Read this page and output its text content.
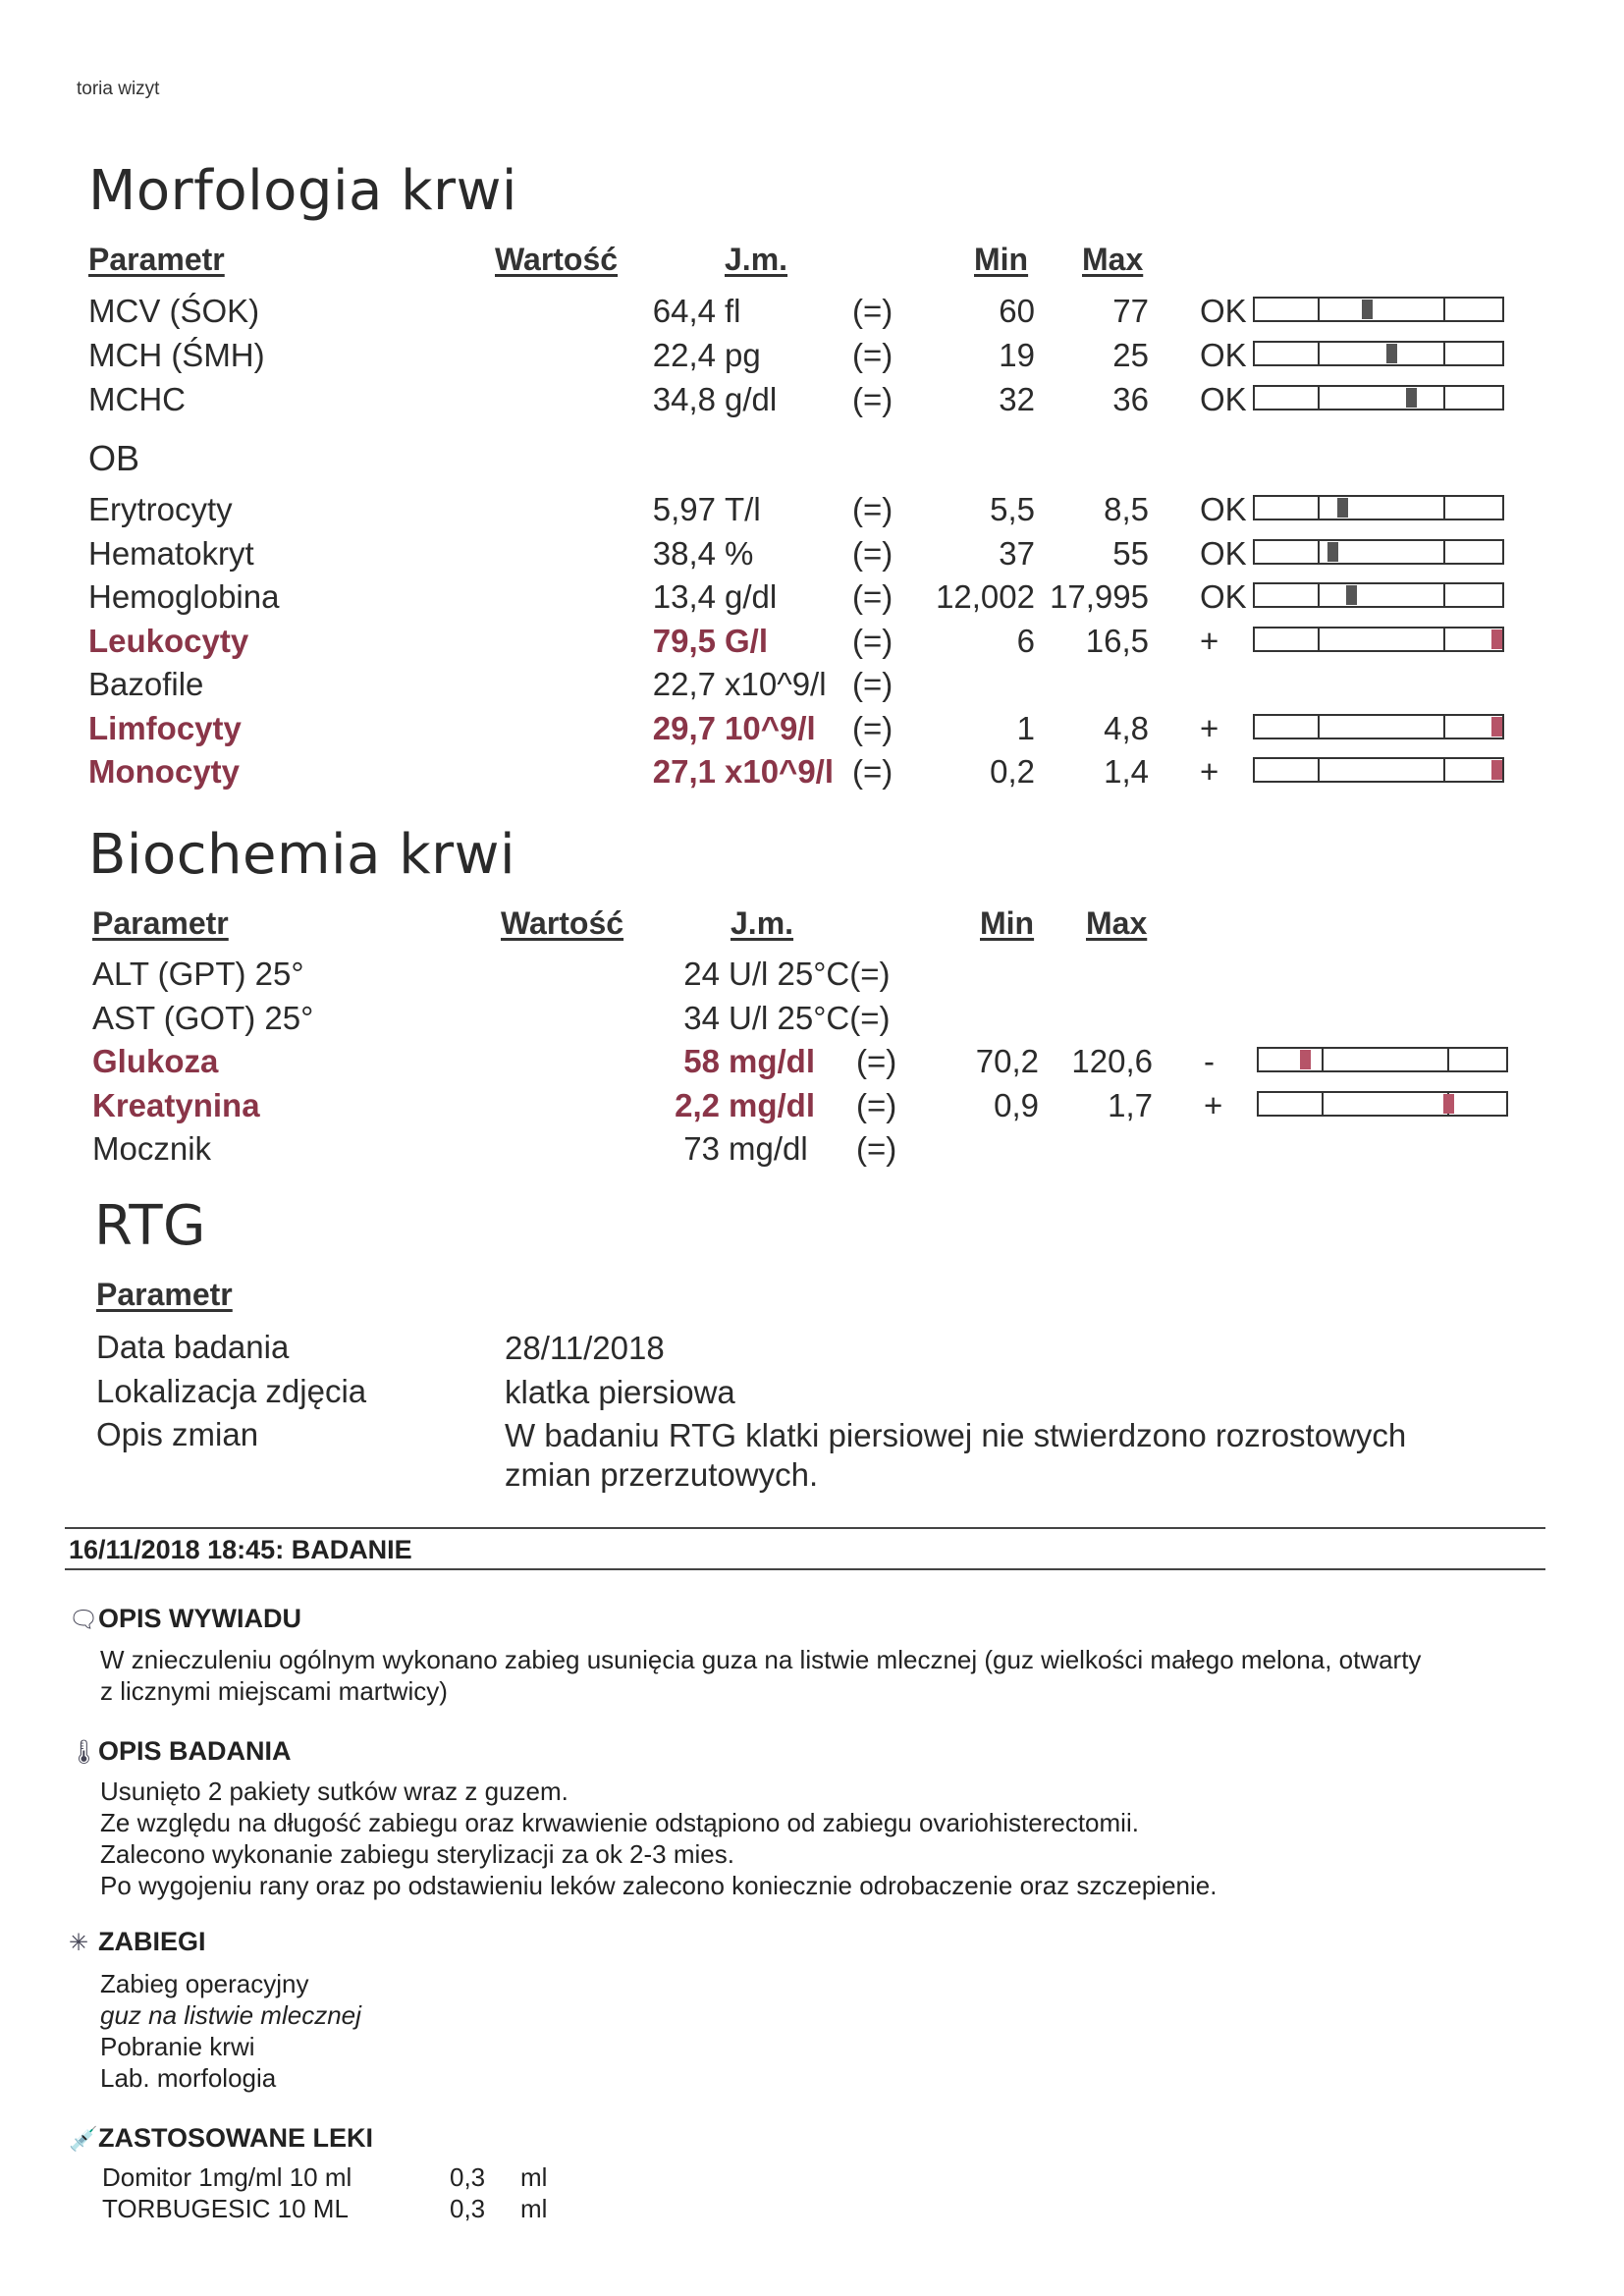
toria wizyt
Morfologia krwi
Parametr	Wartość	J.m.	Min Max
MCV (ŚOK)	64,4 fl	(=)	60 77 OK
MCH (ŚMH)	22,4 pg	(=)	19 25 OK
MCHC	34,8 g/dl (=)	32 36 OK
OB
Erytrocyty	5,97 T/l	(=)	5,5 8,5 OK
Hematokryt	38,4 %	(=)	37 55 OK
Hemoglobina	13,4 g/dl (=) 12,002 17,995 OK
Leukocyty	79,5 G/l	(=)	6 16,5 +
Bazofile	22,7 x10^9/l (=)
Limfocyty	29,7 10^9/l (=)	1 4,8 +
Monocyty	27,1 x10^9/l (=)	0,2 1,4 +
Biochemia krwi
Parametr	Wartość	J.m.	Min Max
ALT (GPT) 25°	24 U/l 25°C(=)
AST (GOT) 25°	34 U/l 25°C(=)
Glukoza	58 mg/dl (=) 70,2 120,6 -
Kreatynina	2,2 mg/dl (=)	0,9 1,7 +
Mocznik	73 mg/dl (=)
RTG
Parametr
Data badania	28/11/2018
Lokalizacja zdjęcia	klatka piersiowa
Opis zmian	W badaniu RTG klatki piersiowej nie stwierdzono rozrostowych zmian przerzutowych.
16/11/2018 18:45: BADANIE
🗨OPIS WYWIADU
W znieczuleniu ogólnym wykonano zabieg usunięcia guza na listwie mlecznej (guz wielkości małego melona, otwarty
z licznymi miejscami martwicy)
🌡OPIS BADANIA
Usunięto 2 pakiety sutków wraz z guzem.
Ze względu na długość zabiegu oraz krwawienie odstąpiono od zabiegu ovariohisterectomii.
Zalecono wykonanie zabiegu sterylizacji za ok 2-3 mies.
Po wygojeniu rany oraz po odstawieniu leków zalecono koniecznie odrobaczenie oraz szczepienie.
✳ ZABIEGI
Zabieg operacyjny
guz na listwie mlecznej
Pobranie krwi
Lab. morfologia
💉ZASTOSOWANE LEKI
Domitor 1mg/ml 10 ml	0,3 ml
TORBUGESIC 10 ML	0,3 ml
